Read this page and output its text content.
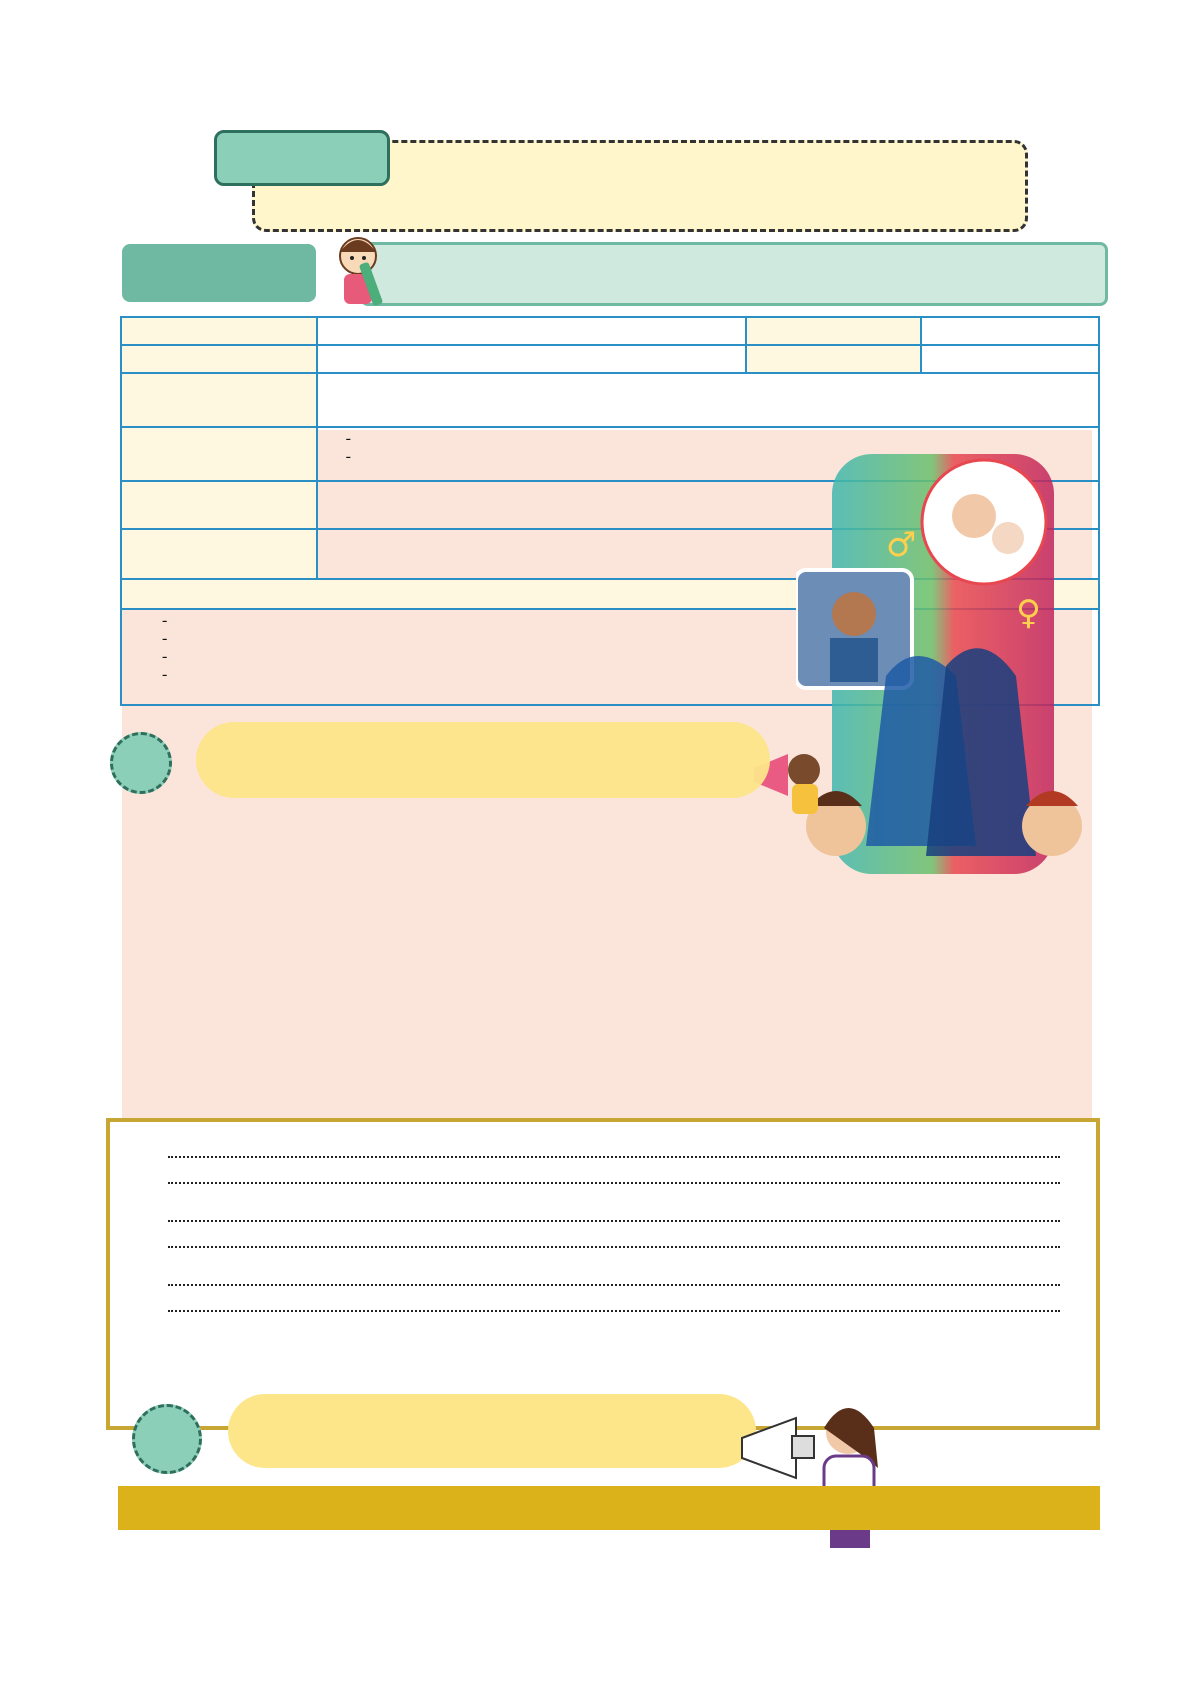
	-
-		

-
-
-
-			
♂
♀
